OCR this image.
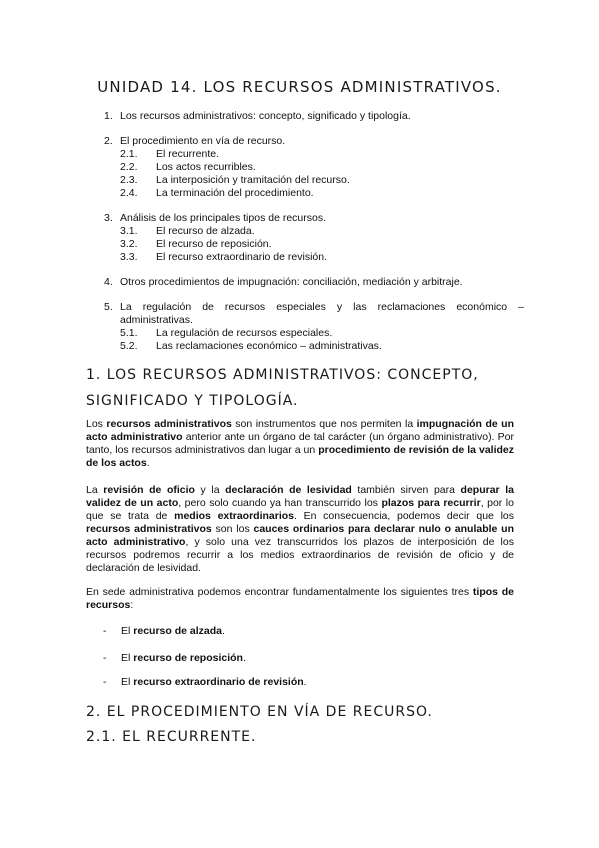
UNIDAD 14. LOS RECURSOS ADMINISTRATIVOS.
1. Los recursos administrativos: concepto, significado y tipología.
2. El procedimiento en vía de recurso.
2.1. El recurrente.
2.2. Los actos recurribles.
2.3. La interposición y tramitación del recurso.
2.4. La terminación del procedimiento.
3. Análisis de los principales tipos de recursos.
3.1. El recurso de alzada.
3.2. El recurso de reposición.
3.3. El recurso extraordinario de revisión.
4. Otros procedimientos de impugnación: conciliación, mediación y arbitraje.
5. La regulación de recursos especiales y las reclamaciones económico – administrativas.
5.1. La regulación de recursos especiales.
5.2. Las reclamaciones económico – administrativas.
1. LOS RECURSOS ADMINISTRATIVOS: CONCEPTO, SIGNIFICADO Y TIPOLOGÍA.
Los recursos administrativos son instrumentos que nos permiten la impugnación de un acto administrativo anterior ante un órgano de tal carácter (un órgano administrativo). Por tanto, los recursos administrativos dan lugar a un procedimiento de revisión de la validez de los actos.
La revisión de oficio y la declaración de lesividad también sirven para depurar la validez de un acto, pero solo cuando ya han transcurrido los plazos para recurrir, por lo que se trata de medios extraordinarios. En consecuencia, podemos decir que los recursos administrativos son los cauces ordinarios para declarar nulo o anulable un acto administrativo, y solo una vez transcurridos los plazos de interposición de los recursos podremos recurrir a los medios extraordinarios de revisión de oficio y de declaración de lesividad.
En sede administrativa podemos encontrar fundamentalmente los siguientes tres tipos de recursos:
- El recurso de alzada.
- El recurso de reposición.
- El recurso extraordinario de revisión.
2. EL PROCEDIMIENTO EN VÍA DE RECURSO.
2.1. EL RECURRENTE.
